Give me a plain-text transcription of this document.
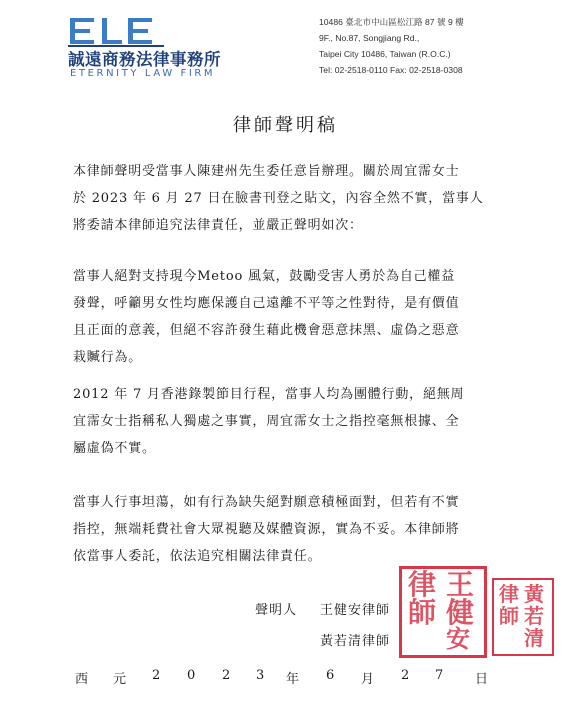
誠遠商務法律事務所
ETERNITY LAW FIRM
10486 臺北市中山區松江路 87 號 9 樓
9F., No.87, Songjiang Rd.,
Taipei City 10486, Taiwan (R.O.C.)
Tel: 02-2518-0110 Fax: 02-2518-0308
律師聲明稿
本律師聲明受當事人陳建州先生委任意旨辦理。關於周宜霈女士
於 2023 年 6 月 27 日在臉書刊登之貼文，內容全然不實，當事人
將委請本律師追究法律責任，並嚴正聲明如次：
當事人絕對支持現今Metoo 風氣，鼓勵受害人勇於為自己權益
發聲，呼籲男女性均應保護自己遠離不平等之性對待，是有價值
且正面的意義，但絕不容許發生藉此機會惡意抹黑、虛偽之惡意
栽贓行為。
2012 年 7 月香港錄製節目行程，當事人均為團體行動，絕無周
宜霈女士指稱私人獨處之事實，周宜霈女士之指控毫無根據、全
屬虛偽不實。
當事人行事坦蕩，如有行為缺失絕對願意積極面對，但若有不實
指控，無端耗費社會大眾視聽及媒體資源，實為不妥。本律師將
依當事人委託，依法追究相關法律責任。
聲明人 王健安律師
黃若清律師
王
健
律
師
安
黃
若
律
師
清
西 元 2 0 2 3 年 6 月 2 7 日
